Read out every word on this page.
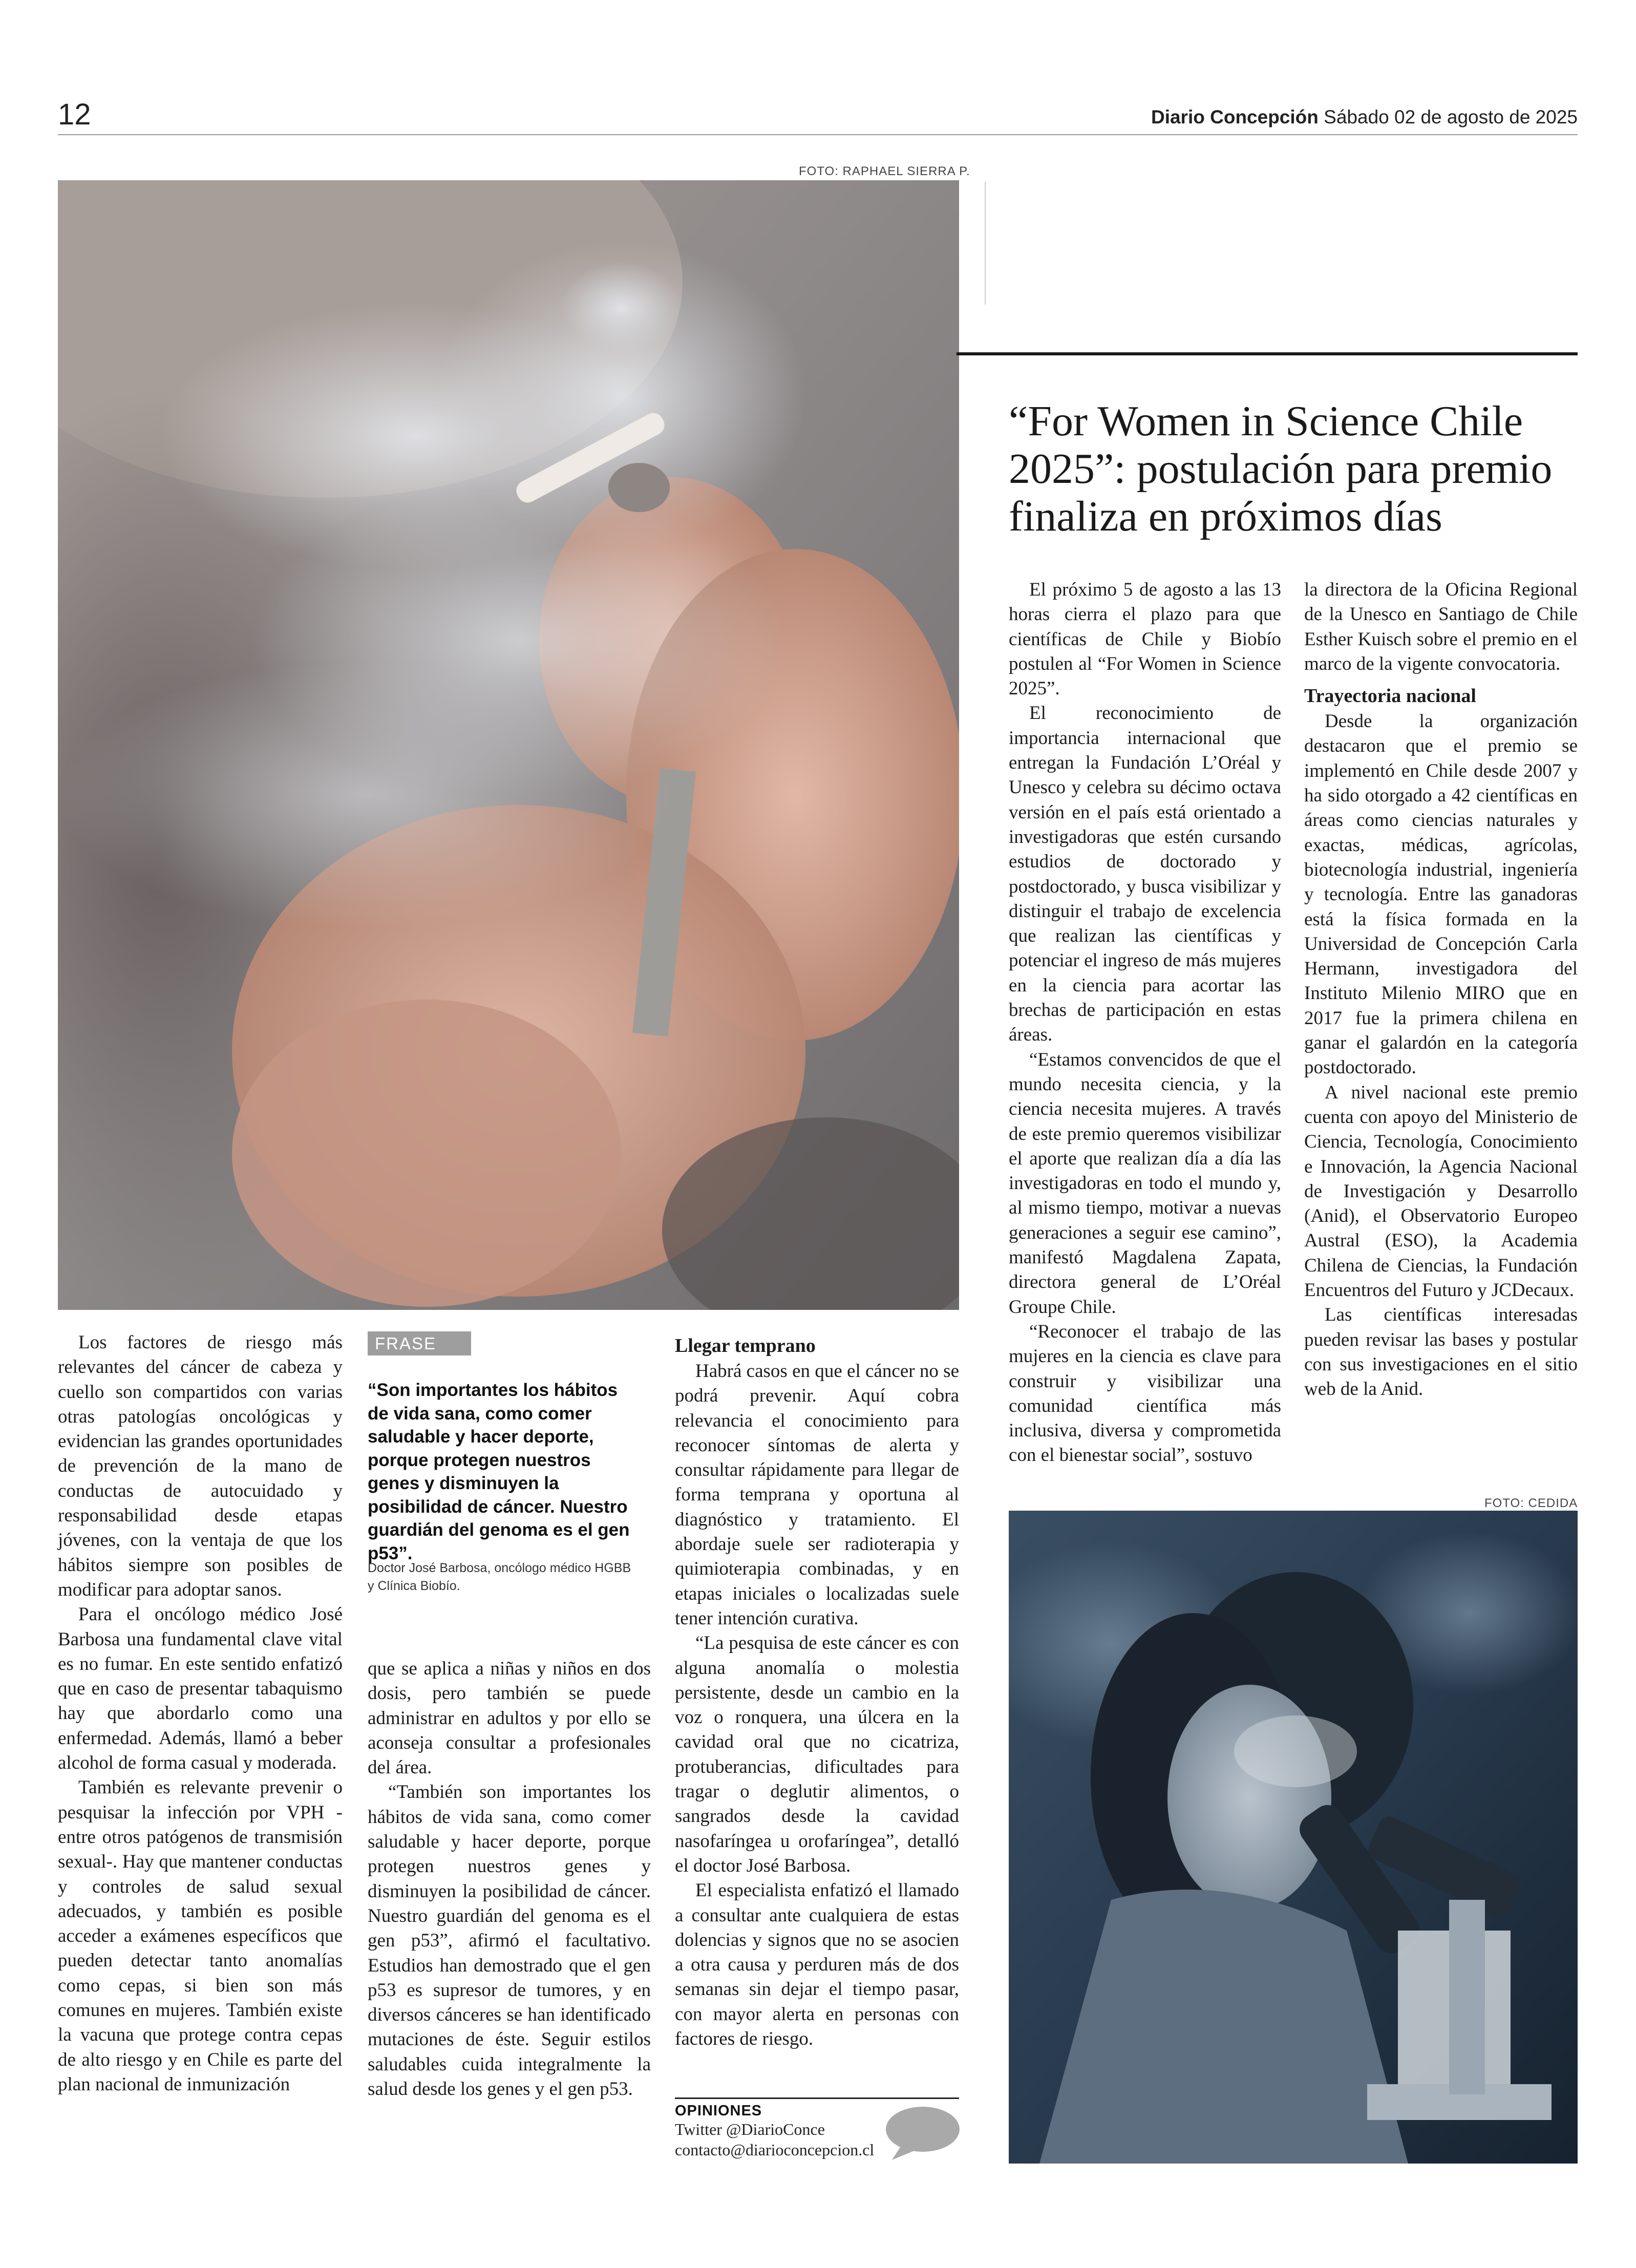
12	Diario Concepción Sábado 02 de agosto de 2025
FOTO: RAPHAEL SIERRA P.

Los factores de riesgo más relevantes del cáncer de cabeza y cuello son compartidos con varias otras patologías oncológicas y evidencian las grandes oportunidades de prevención de la mano de conductas de autocuidado y responsabilidad desde etapas jóvenes, con la ventaja de que los hábitos siempre son posibles de modificar para adoptar sanos.

Para el oncólogo médico José Barbosa una fundamental clave vital es no fumar. En este sentido enfatizó que en caso de presentar tabaquismo hay que abordarlo como una enfermedad. Además, llamó a beber alcohol de forma casual y moderada.

También es relevante prevenir o pesquisar la infección por VPH -entre otros patógenos de transmisión sexual-. Hay que mantener conductas y controles de salud sexual adecuados, y también es posible acceder a exámenes específicos que pueden detectar tanto anomalías como cepas, si bien son más comunes en mujeres. También existe la vacuna que protege contra cepas de alto riesgo y en Chile es parte del plan nacional de inmunización

FRASE
“Son importantes los hábitos de vida sana, como comer saludable y hacer deporte, porque protegen nuestros genes y disminuyen la posibilidad de cáncer. Nuestro guardián del genoma es el gen p53”.
Doctor José Barbosa, oncólogo médico HGBB y Clínica Biobío.

que se aplica a niñas y niños en dos dosis, pero también se puede administrar en adultos y por ello se aconseja consultar a profesionales del área.

“También son importantes los hábitos de vida sana, como comer saludable y hacer deporte, porque protegen nuestros genes y disminuyen la posibilidad de cáncer. Nuestro guardián del genoma es el gen p53”, afirmó el facultativo. Estudios han demostrado que el gen p53 es supresor de tumores, y en diversos cánceres se han identificado mutaciones de éste. Seguir estilos saludables cuida integralmente la salud desde los genes y el gen p53.

Llegar temprano

Habrá casos en que el cáncer no se podrá prevenir. Aquí cobra relevancia el conocimiento para reconocer síntomas de alerta y consultar rápidamente para llegar de forma temprana y oportuna al diagnóstico y tratamiento. El abordaje suele ser radioterapia y quimioterapia combinadas, y en etapas iniciales o localizadas suele tener intención curativa.

“La pesquisa de este cáncer es con alguna anomalía o molestia persistente, desde un cambio en la voz o ronquera, una úlcera en la cavidad oral que no cicatriza, protuberancias, dificultades para tragar o deglutir alimentos, o sangrados desde la cavidad nasofaríngea u orofaríngea”, detalló el doctor José Barbosa.

El especialista enfatizó el llamado a consultar ante cualquiera de estas dolencias y signos que no se asocien a otra causa y perduren más de dos semanas sin dejar el tiempo pasar, con mayor alerta en personas con factores de riesgo.

OPINIONES
Twitter @DiarioConce
contacto@diarioconcepcion.cl
“For Women in Science Chile 2025”: postulación para premio finaliza en próximos días

El próximo 5 de agosto a las 13 horas cierra el plazo para que científicas de Chile y Biobío postulen al “For Women in Science 2025”.

El reconocimiento de importancia internacional que entregan la Fundación L’Oréal y Unesco y celebra su décimo octava versión en el país está orientado a investigadoras que estén cursando estudios de doctorado y postdoctorado, y busca visibilizar y distinguir el trabajo de excelencia que realizan las científicas y potenciar el ingreso de más mujeres en la ciencia para acortar las brechas de participación en estas áreas.

“Estamos convencidos de que el mundo necesita ciencia, y la ciencia necesita mujeres. A través de este premio queremos visibilizar el aporte que realizan día a día las investigadoras en todo el mundo y, al mismo tiempo, motivar a nuevas generaciones a seguir ese camino”, manifestó Magdalena Zapata, directora general de L’Oréal Groupe Chile.

“Reconocer el trabajo de las mujeres en la ciencia es clave para construir y visibilizar una comunidad científica más inclusiva, diversa y comprometida con el bienestar social”, sostuvo

la directora de la Oficina Regional de la Unesco en Santiago de Chile Esther Kuisch sobre el premio en el marco de la vigente convocatoria.

Trayectoria nacional

Desde la organización destacaron que el premio se implementó en Chile desde 2007 y ha sido otorgado a 42 científicas en áreas como ciencias naturales y exactas, médicas, agrícolas, biotecnología industrial, ingeniería y tecnología. Entre las ganadoras está la física formada en la Universidad de Concepción Carla Hermann, investigadora del Instituto Milenio MIRO que en 2017 fue la primera chilena en ganar el galardón en la categoría postdoctorado.

A nivel nacional este premio cuenta con apoyo del Ministerio de Ciencia, Tecnología, Conocimiento e Innovación, la Agencia Nacional de Investigación y Desarrollo (Anid), el Observatorio Europeo Austral (ESO), la Academia Chilena de Ciencias, la Fundación Encuentros del Futuro y JCDecaux.

Las científicas interesadas pueden revisar las bases y postular con sus investigaciones en el sitio web de la Anid.

FOTO: CEDIDA
